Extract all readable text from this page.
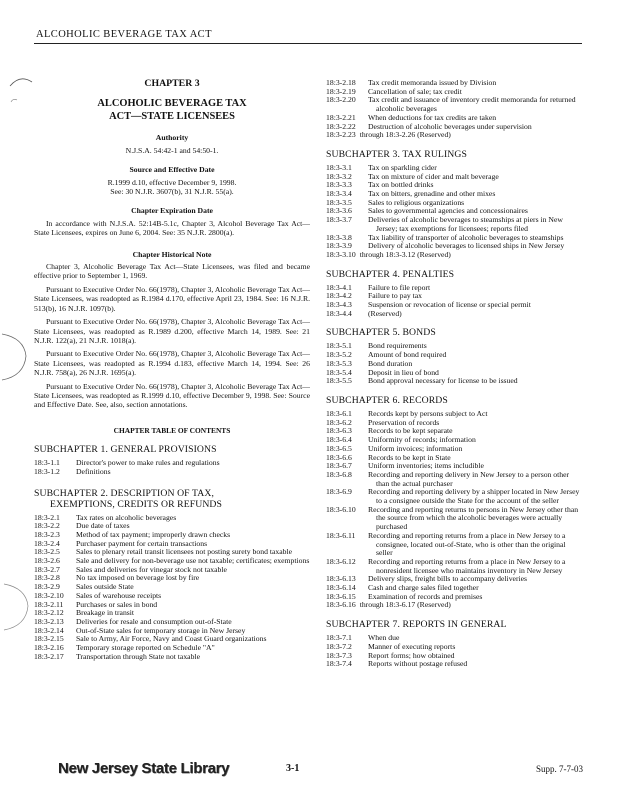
ALCOHOLIC BEVERAGE TAX ACT
CHAPTER 3
ALCOHOLIC BEVERAGE TAX
ACT—STATE LICENSEES
Authority
N.J.S.A. 54:42-1 and 54:50-1.
Source and Effective Date
R.1999 d.10, effective December 9, 1998.
See: 30 N.J.R. 3607(b), 31 N.J.R. 55(a).
Chapter Expiration Date
In accordance with N.J.S.A. 52:14B-5.1c, Chapter 3, Alcohol Beverage Tax Act—State Licensees, expires on June 6, 2004. See: 35 N.J.R. 2800(a).
Chapter Historical Note
Chapter 3, Alcoholic Beverage Tax Act—State Licensees, was filed and became effective prior to September 1, 1969.
Pursuant to Executive Order No. 66(1978), Chapter 3, Alcoholic Beverage Tax Act—State Licensees, was readopted as R.1984 d.170, effective April 23, 1984. See: 16 N.J.R. 513(b), 16 N.J.R. 1097(b).
Pursuant to Executive Order No. 66(1978), Chapter 3, Alcoholic Beverage Tax Act—State Licensees, was readopted as R.1989 d.200, effective March 14, 1989. See: 21 N.J.R. 122(a), 21 N.J.R. 1018(a).
Pursuant to Executive Order No. 66(1978), Chapter 3, Alcoholic Beverage Tax Act—State Licensees, was readopted as R.1994 d.183, effective March 14, 1994. See: 26 N.J.R. 758(a), 26 N.J.R. 1695(a).
Pursuant to Executive Order No. 66(1978), Chapter 3, Alcoholic Beverage Tax Act—State Licensees, was readopted as R.1999 d.10, effective December 9, 1998. See: Source and Effective Date. See, also, section annotations.
CHAPTER TABLE OF CONTENTS
SUBCHAPTER 1. GENERAL PROVISIONS
18:3-1.1	Director's power to make rules and regulations
18:3-1.2	Definitions
SUBCHAPTER 2. DESCRIPTION OF TAX,
EXEMPTIONS, CREDITS OR REFUNDS
18:3-2.1	Tax rates on alcoholic beverages
18:3-2.2	Due date of taxes
18:3-2.3	Method of tax payment; improperly drawn checks
18:3-2.4	Purchaser payment for certain transactions
18:3-2.5	Sales to plenary retail transit licensees not posting surety bond taxable
18:3-2.6	Sale and delivery for non-beverage use not taxable; certificates; exemptions
18:3-2.7	Sales and deliveries for vinegar stock not taxable
18:3-2.8	No tax imposed on beverage lost by fire
18:3-2.9	Sales outside State
18:3-2.10	Sales of warehouse receipts
18:3-2.11	Purchases or sales in bond
18:3-2.12	Breakage in transit
18:3-2.13	Deliveries for resale and consumption out-of-State
18:3-2.14	Out-of-State sales for temporary storage in New Jersey
18:3-2.15	Sale to Army, Air Force, Navy and Coast Guard organizations
18:3-2.16	Temporary storage reported on Schedule "A"
18:3-2.17	Transportation through State not taxable
18:3-2.18	Tax credit memoranda issued by Division
18:3-2.19	Cancellation of sale; tax credit
18:3-2.20	Tax credit and issuance of inventory credit memoranda for returned alcoholic beverages
18:3-2.21	When deductions for tax credits are taken
18:3-2.22	Destruction of alcoholic beverages under supervision
18:3-2.23 through 18:3-2.26 (Reserved)
SUBCHAPTER 3. TAX RULINGS
18:3-3.1	Tax on sparkling cider
18:3-3.2	Tax on mixture of cider and malt beverage
18:3-3.3	Tax on bottled drinks
18:3-3.4	Tax on bitters, grenadine and other mixes
18:3-3.5	Sales to religious organizations
18:3-3.6	Sales to governmental agencies and concessionaires
18:3-3.7	Deliveries of alcoholic beverages to steamships at piers in New Jersey; tax exemptions for licensees; reports filed
18:3-3.8	Tax liability of transporter of alcoholic beverages to steamships
18:3-3.9	Delivery of alcoholic beverages to licensed ships in New Jersey
18:3-3.10 through 18:3-3.12 (Reserved)
SUBCHAPTER 4. PENALTIES
18:3-4.1	Failure to file report
18:3-4.2	Failure to pay tax
18:3-4.3	Suspension or revocation of license or special permit
18:3-4.4	(Reserved)
SUBCHAPTER 5. BONDS
18:3-5.1	Bond requirements
18:3-5.2	Amount of bond required
18:3-5.3	Bond duration
18:3-5.4	Deposit in lieu of bond
18:3-5.5	Bond approval necessary for license to be issued
SUBCHAPTER 6. RECORDS
18:3-6.1	Records kept by persons subject to Act
18:3-6.2	Preservation of records
18:3-6.3	Records to be kept separate
18:3-6.4	Uniformity of records; information
18:3-6.5	Uniform invoices; information
18:3-6.6	Records to be kept in State
18:3-6.7	Uniform inventories; items includible
18:3-6.8	Recording and reporting delivery in New Jersey to a person other than the actual purchaser
18:3-6.9	Recording and reporting delivery by a shipper located in New Jersey to a consignee outside the State for the account of the seller
18:3-6.10	Recording and reporting returns to persons in New Jersey other than the source from which the alcoholic beverages were actually purchased
18:3-6.11	Recording and reporting returns from a place in New Jersey to a consignee, located out-of-State, who is other than the original seller
18:3-6.12	Recording and reporting returns from a place in New Jersey to a nonresident licensee who maintains inventory in New Jersey
18:3-6.13	Delivery slips, freight bills to accompany deliveries
18:3-6.14	Cash and charge sales filed together
18:3-6.15	Examination of records and premises
18:3-6.16 through 18:3-6.17 (Reserved)
SUBCHAPTER 7. REPORTS IN GENERAL
18:3-7.1	When due
18:3-7.2	Manner of executing reports
18:3-7.3	Report forms; how obtained
18:3-7.4	Reports without postage refused
New Jersey State Library	3-1	Supp. 7-7-03
